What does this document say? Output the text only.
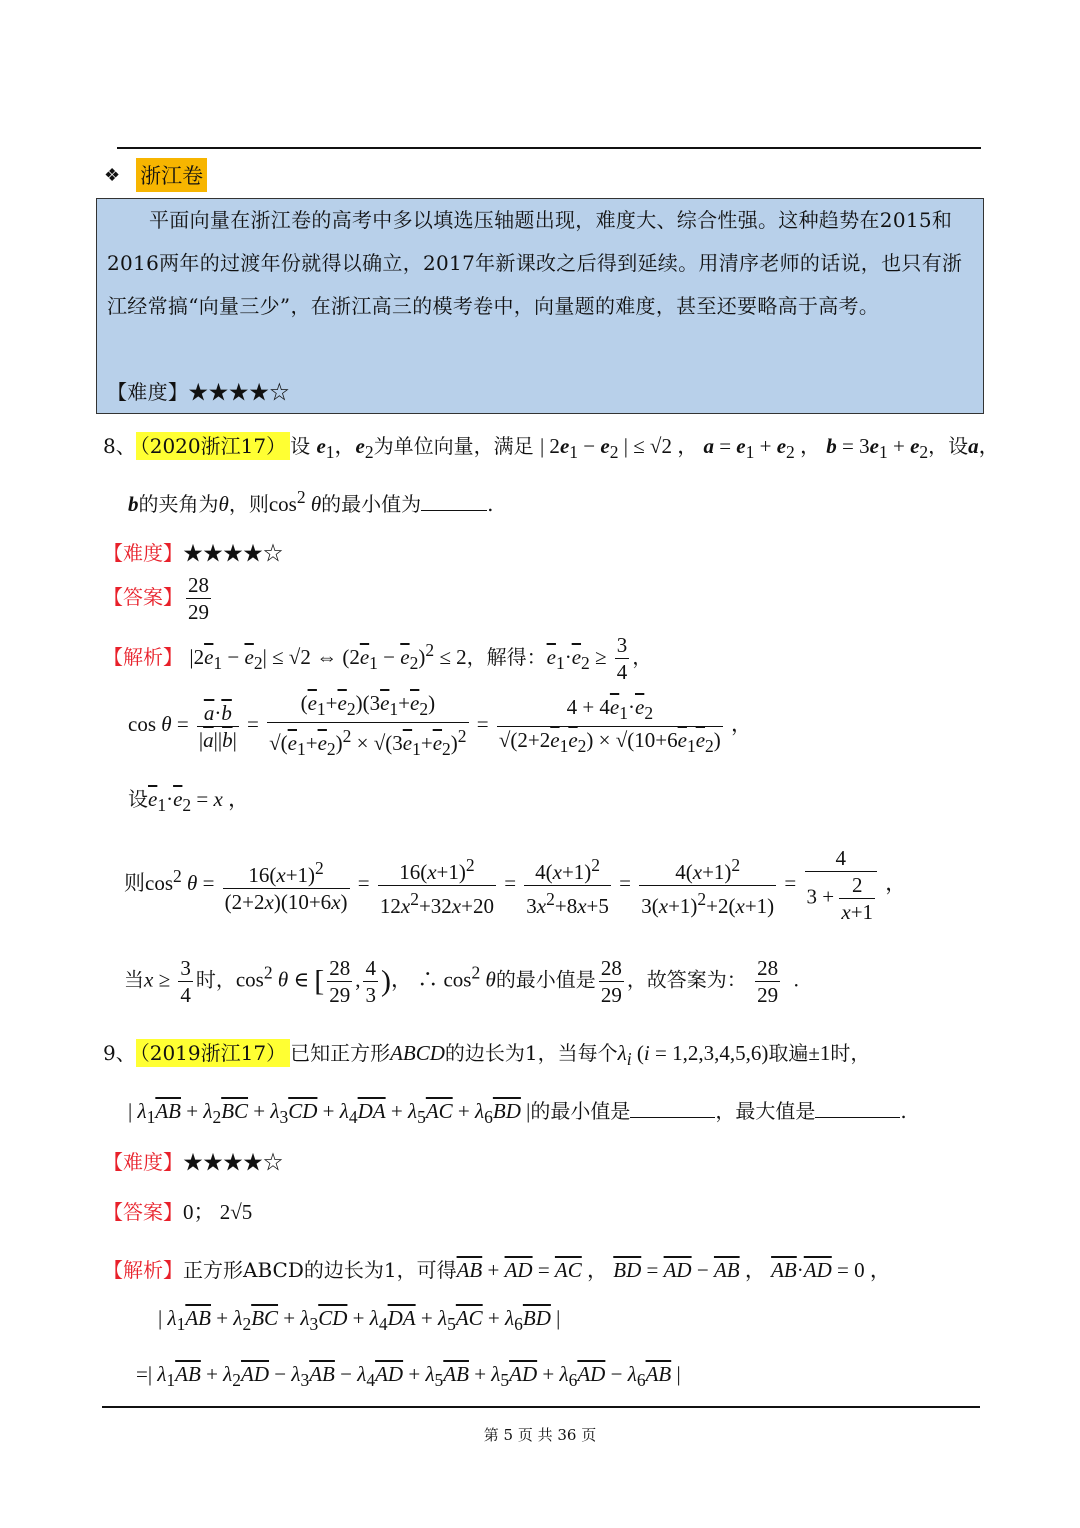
❖ 浙江卷

平面向量在浙江卷的高考中多以填选压轴题出现，难度大、综合性强。这种趋势在2015和2016两年的过渡年份就得以确立，2017年新课改之后得到延续。用清序老师的话说，也只有浙江经常搞“向量三少”，在浙江高三的模考卷中，向量题的难度，甚至还要略高于高考。

【难度】★★★★☆

8、 （2020浙江17） 设 $e_1$，$e_2$为单位向量，满足 | $2e_1 - e_2$ | ≤ √2 ， $a = e_1 + e_2$ ， $b = 3e_1 + e_2$，设a，
b的夹角为θ，则$\cos^2 \theta$的最小值为	.
【难度】★★★★☆
【答案】 $\frac{28}{29}$
【解析】 $|2\overline{e}_1 - \overline{e}_2| \le √2$ ⇔ $(2\overline{e}_1 - \overline{e}_2)^2 \le 2$，解得：$\overline{e}_1\cdot\overline{e}_2 \ge \frac{3}{4}$ ，
$\cos \theta = \frac{\overline{a}\cdot\overline{b}}{|\overline{a}||\overline{b}|} = \frac{(\overline{e}_1+\overline{e}_2)(3\overline{e}_1+\overline{e}_2)}{√(\overline{e}_1+\overline{e}_2)^2 \times √(3\overline{e}_1+\overline{e}_2)^2} = \frac{4 + 4\overline{e}_1\cdot\overline{e}_2}{√(2+2\overline{e}_1\overline{e}_2) \times √(10+6\overline{e}_1\overline{e}_2)}$ ，
设$\overline{e}_1\cdot\overline{e}_2 = x$ ，
则$\cos^2 \theta = \frac{16(x+1)^2}{(2+2x)(10+6x)} = \frac{16(x+1)^2}{12x^2+32x+20} = \frac{4(x+1)^2}{3x^2+8x+5} = \frac{4(x+1)^2}{3(x+1)^2+2(x+1)} = \frac{4}{3 + \frac{2}{x+1}}$ ，
当$x \ge \frac{3}{4}$ 时，$\cos^2 \theta$ ∈ [ $\frac{28}{29}$ , $\frac{4}{3}$ )， ∴ $\cos^2 \theta$的最小值是 $\frac{28}{29}$ ，故答案为： $\frac{28}{29}$ .
9、 （2019浙江17） 已知正方形ABCD的边长为1，当每个$\lambda_i$ (i = 1,2,3,4,5,6)取遍±1时，
| $\lambda_1\overline{AB} + \lambda_2\overline{BC} + \lambda_3\overline{CD} + \lambda_4\overline{DA} + \lambda_5\overline{AC} + \lambda_6\overline{BD}$ |的最小值是	，最大值是	.
【难度】★★★★☆
【答案】0； 2√5
【解析】正方形ABCD的边长为1，可得$\overline{AB} + \overline{AD} = \overline{AC}$ ， $\overline{BD} = \overline{AD} - \overline{AB}$ ， $\overline{AB}\cdot\overline{AD} = 0$ ，
| $\lambda_1\overline{AB} + \lambda_2\overline{BC} + \lambda_3\overline{CD} + \lambda_4\overline{DA} + \lambda_5\overline{AC} + \lambda_6\overline{BD}$ |
=| $\lambda_1\overline{AB} + \lambda_2\overline{AD} - \lambda_3\overline{AB} - \lambda_4\overline{AD} + \lambda_5\overline{AB} + \lambda_5\overline{AD} + \lambda_6\overline{AD} - \lambda_6\overline{AB}$ |
第 5 页 共 36 页
